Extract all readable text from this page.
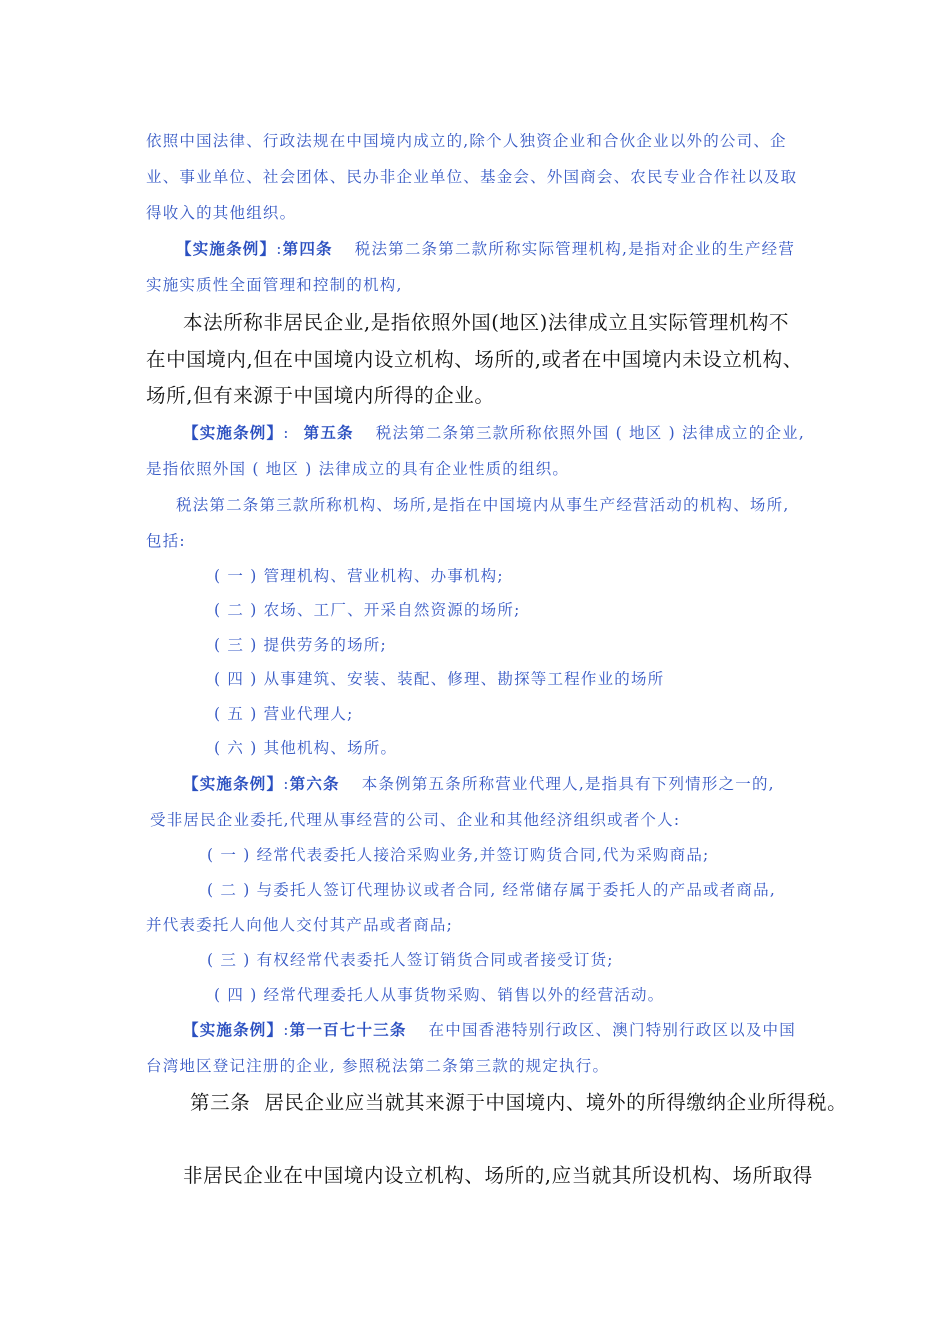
依照中国法律、行政法规在中国境内成立的,除个人独资企业和合伙企业以外的公司、企
业、事业单位、社会团体、民办非企业单位、基金会、外国商会、农民专业合作社以及取
得收入的其他组织。
【实施条例】:第四条 税法第二条第二款所称实际管理机构,是指对企业的生产经营
实施实质性全面管理和控制的机构,
本法所称非居民企业,是指依照外国(地区)法律成立且实际管理机构不
在中国境内,但在中国境内设立机构、场所的,或者在中国境内未设立机构、
场所,但有来源于中国境内所得的企业。
【实施条例】: 第五条 税法第二条第三款所称依照外国 ( 地区 ) 法律成立的企业,
是指依照外国 ( 地区 ) 法律成立的具有企业性质的组织。
税法第二条第三款所称机构、场所,是指在中国境内从事生产经营活动的机构、场所,
包括:
( 一 ) 管理机构、营业机构、办事机构;
( 二 ) 农场、工厂、开采自然资源的场所;
( 三 ) 提供劳务的场所;
( 四 ) 从事建筑、安装、装配、修理、勘探等工程作业的场所
( 五 ) 营业代理人;
( 六 ) 其他机构、场所。
【实施条例】:第六条 本条例第五条所称营业代理人,是指具有下列情形之一的,
受非居民企业委托,代理从事经营的公司、企业和其他经济组织或者个人:
( 一 ) 经常代表委托人接洽采购业务,并签订购货合同,代为采购商品;
( 二 ) 与委托人签订代理协议或者合同, 经常储存属于委托人的产品或者商品,
并代表委托人向他人交付其产品或者商品;
( 三 ) 有权经常代表委托人签订销货合同或者接受订货;
( 四 ) 经常代理委托人从事货物采购、销售以外的经营活动。
【实施条例】:第一百七十三条 在中国香港特别行政区、澳门特别行政区以及中国
台湾地区登记注册的企业, 参照税法第二条第三款的规定执行。
第三条 居民企业应当就其来源于中国境内、境外的所得缴纳企业所得税。
非居民企业在中国境内设立机构、场所的,应当就其所设机构、场所取得
